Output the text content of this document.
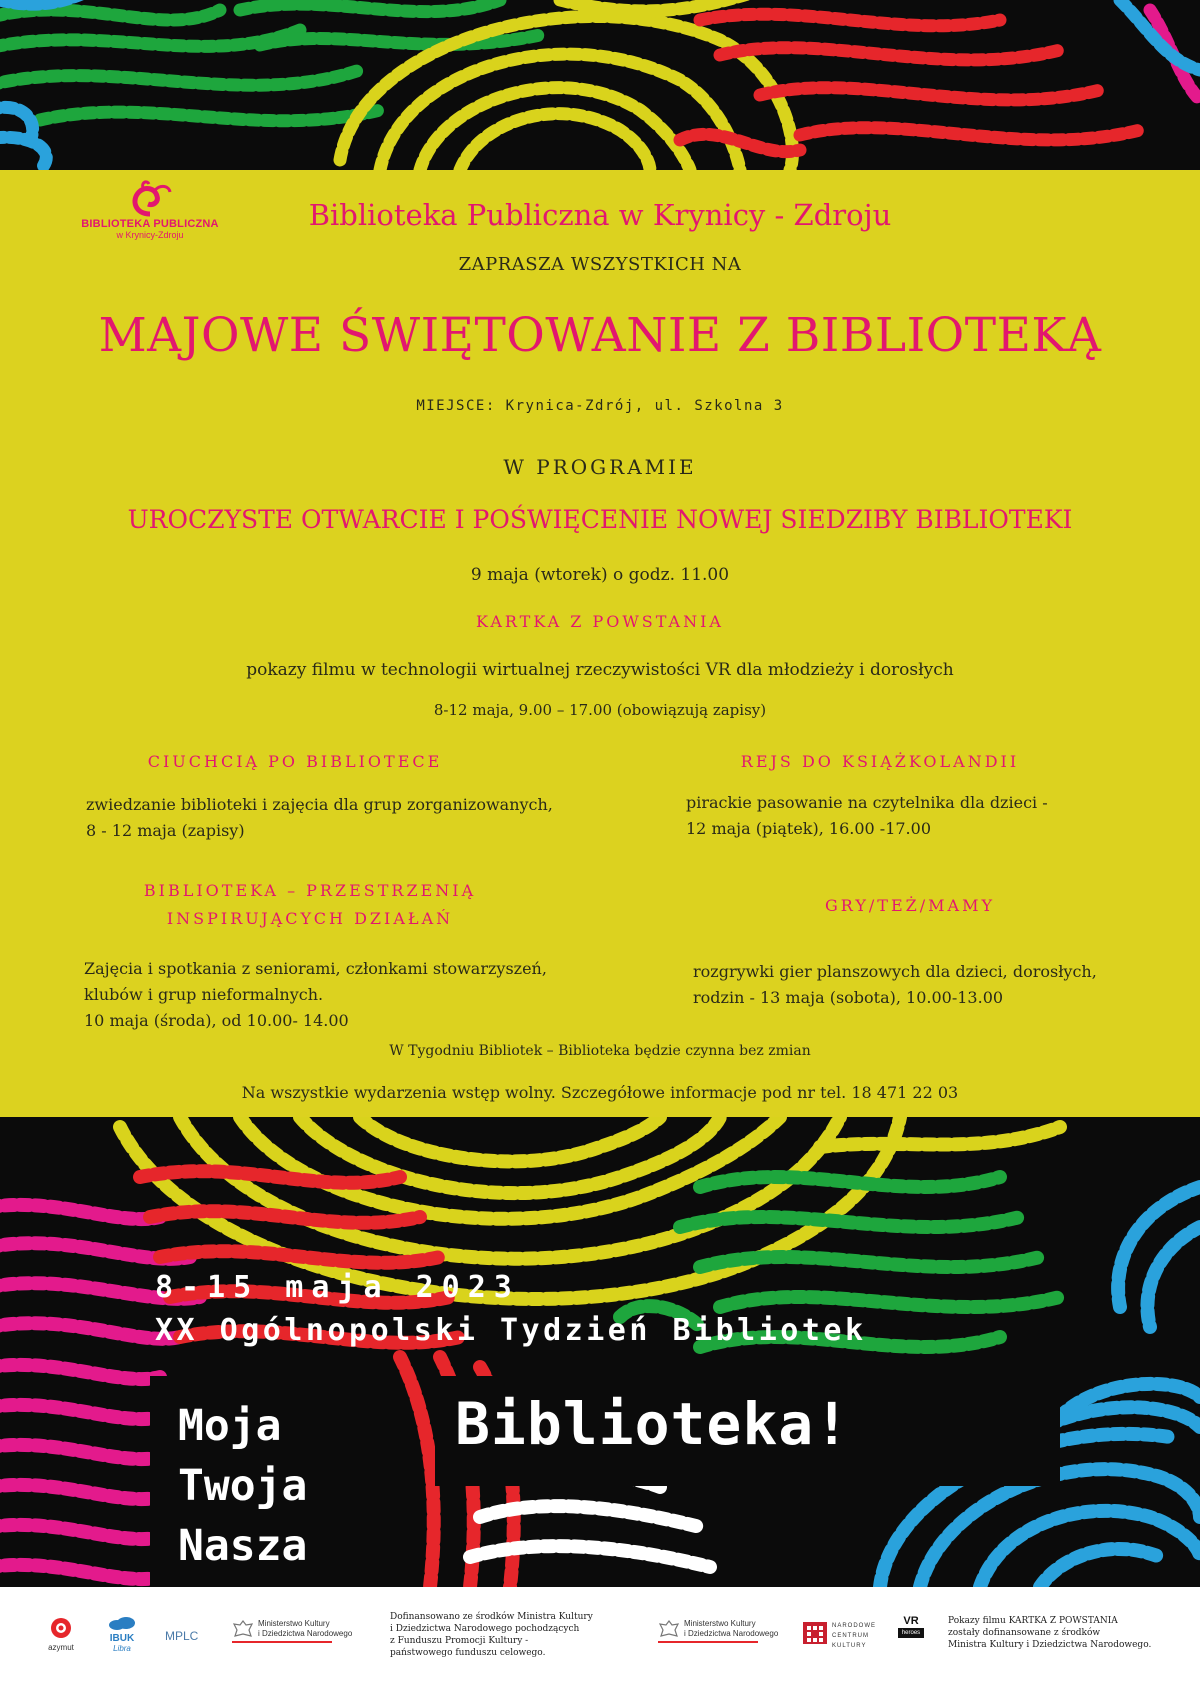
BIBLIOTEKA PUBLICZNA
w Krynicy-Zdroju
Biblioteka Publiczna w Krynicy - Zdroju
ZAPRASZA WSZYSTKICH NA
MAJOWE ŚWIĘTOWANIE Z BIBLIOTEKĄ
MIEJSCE: Krynica-Zdrój, ul. Szkolna 3
W PROGRAMIE
UROCZYSTE OTWARCIE I POŚWIĘCENIE NOWEJ SIEDZIBY BIBLIOTEKI
9 maja (wtorek) o godz. 11.00
KARTKA Z POWSTANIA
pokazy filmu w technologii wirtualnej rzeczywistości VR dla młodzieży i dorosłych
8-12 maja, 9.00 – 17.00 (obowiązują zapisy)
CIUCHCIĄ PO BIBLIOTECE
zwiedzanie biblioteki i zajęcia dla grup zorganizowanych,
8 - 12 maja (zapisy)
REJS DO KSIĄŻKOLANDII
pirackie pasowanie na czytelnika dla dzieci -
12 maja (piątek), 16.00 -17.00
BIBLIOTEKA – PRZESTRZENIĄ
INSPIRUJĄCYCH DZIAŁAŃ
Zajęcia i spotkania z seniorami, członkami stowarzyszeń,
klubów i grup nieformalnych.
10 maja (środa), od 10.00- 14.00
GRY/TEŻ/MAMY
rozgrywki gier planszowych dla dzieci, dorosłych,
rodzin - 13 maja (sobota), 10.00-13.00
W Tygodniu Bibliotek – Biblioteka będzie czynna bez zmian
Na wszystkie wydarzenia wstęp wolny. Szczegółowe informacje pod nr tel. 18 471 22 03
8-15 maja 2023
XX Ogólnopolski Tydzień Bibliotek
Moja
Twoja
Nasza
Biblioteka!
azymut
IBUK
Libra
MPLC
Ministerstwo Kultury
i Dziedzictwa Narodowego
Dofinansowano ze środków Ministra Kultury
i Dziedzictwa Narodowego pochodzących
z Funduszu Promocji Kultury -
państwowego funduszu celowego.
Ministerstwo Kultury
i Dziedzictwa Narodowego
NARODOWE
CENTRUM
KULTURY
VR
heroes
Pokazy filmu KARTKA Z POWSTANIA
zostały dofinansowane z środków
Ministra Kultury i Dziedzictwa Narodowego.
